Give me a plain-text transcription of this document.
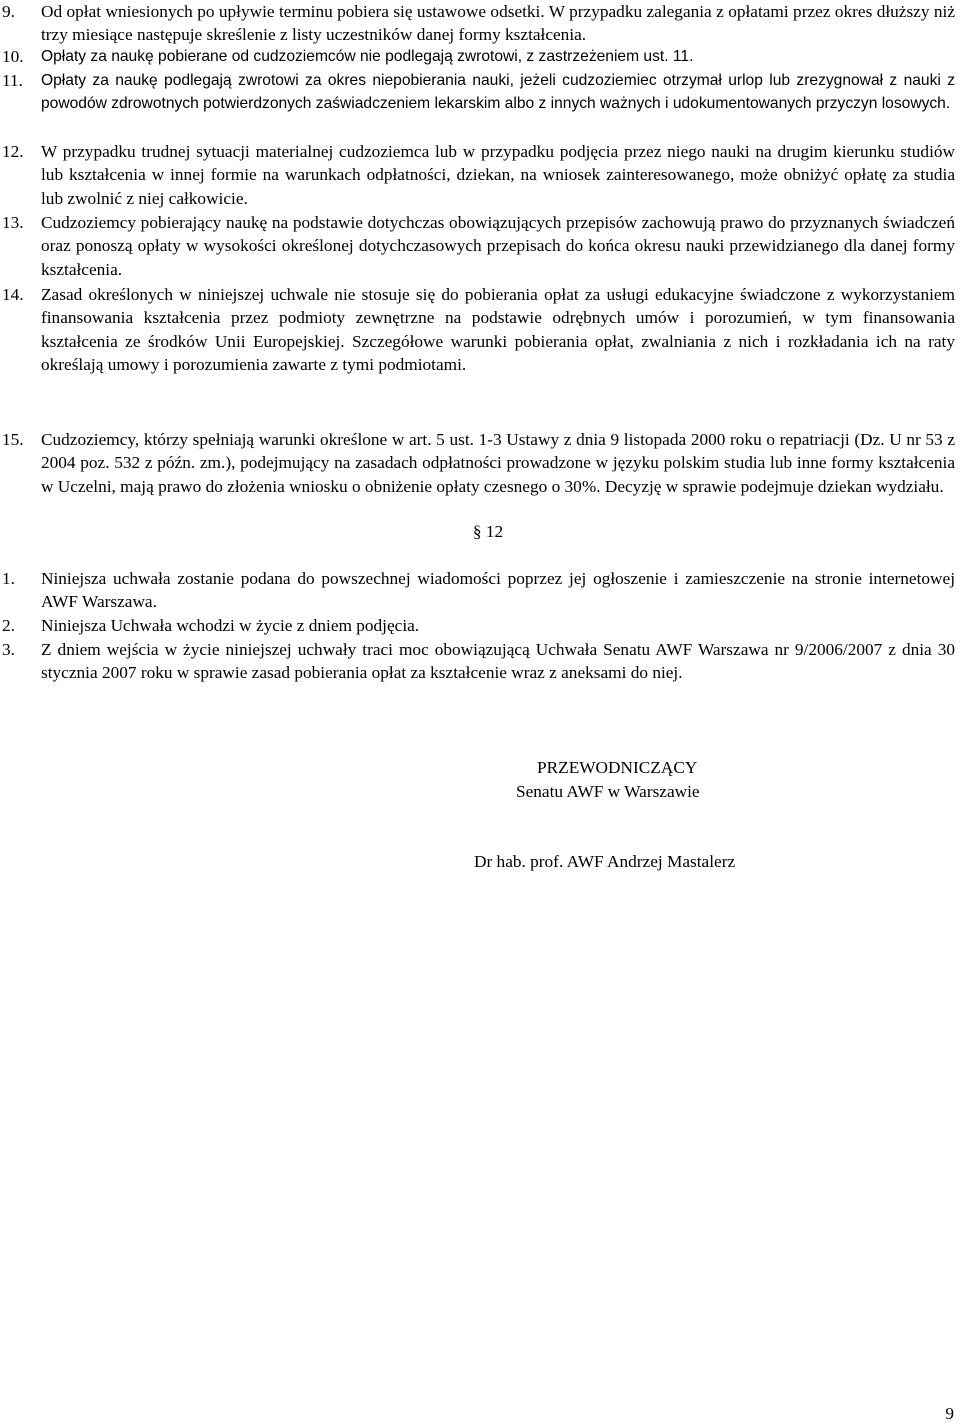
9.	Od opłat wniesionych po upływie terminu pobiera się ustawowe odsetki. W przypadku zalegania z opłatami przez okres dłuższy niż trzy miesiące następuje skreślenie z listy uczestników danej formy kształcenia.
10.	Opłaty za naukę pobierane od cudzoziemców nie podlegają zwrotowi, z zastrzeżeniem ust. 11.
11.	Opłaty za naukę podlegają zwrotowi za okres niepobierania nauki, jeżeli cudzoziemiec otrzymał urlop lub zrezygnował z nauki z powodów zdrowotnych potwierdzonych zaświadczeniem lekarskim albo z innych ważnych i udokumentowanych przyczyn losowych.
12.	W przypadku trudnej sytuacji materialnej cudzoziemca lub w przypadku podjęcia przez niego nauki na drugim kierunku studiów lub kształcenia w innej formie na warunkach odpłatności, dziekan, na wniosek zainteresowanego, może obniżyć opłatę za studia lub zwolnić z niej całkowicie.
13.	Cudzoziemcy pobierający naukę na podstawie dotychczas obowiązujących przepisów zachowują prawo do przyznanych świadczeń oraz ponoszą opłaty w wysokości określonej dotychczasowych przepisach do końca okresu nauki przewidzianego dla danej formy kształcenia.
14.	Zasad określonych w niniejszej uchwale nie stosuje się do pobierania opłat za usługi edukacyjne świadczone z wykorzystaniem finansowania kształcenia przez podmioty zewnętrzne na podstawie odrębnych umów i porozumień, w tym finansowania kształcenia ze środków Unii Europejskiej. Szczegółowe warunki pobierania opłat, zwalniania z nich i rozkładania ich na raty określają umowy i porozumienia zawarte z tymi podmiotami.
15.	Cudzoziemcy, którzy spełniają warunki określone w art. 5 ust. 1-3 Ustawy z dnia 9 listopada 2000 roku o repatriacji (Dz. U nr 53 z 2004 poz. 532 z późn. zm.), podejmujący na zasadach odpłatności prowadzone w języku polskim studia lub inne formy kształcenia w Uczelni, mają prawo do złożenia wniosku o obniżenie opłaty czesnego o 30%. Decyzję w sprawie podejmuje dziekan wydziału.
§ 12
1.	Niniejsza uchwała zostanie podana do powszechnej wiadomości poprzez jej ogłoszenie i zamieszczenie na stronie internetowej AWF Warszawa.
2.	Niniejsza Uchwała wchodzi w życie z dniem podjęcia.
3.	Z dniem wejścia w życie niniejszej uchwały traci moc obowiązującą Uchwała Senatu AWF Warszawa nr 9/2006/2007 z dnia 30 stycznia 2007 roku w sprawie zasad pobierania opłat za kształcenie wraz z aneksami do niej.
PRZEWODNICZĄCY
Senatu AWF w Warszawie
Dr hab. prof. AWF Andrzej Mastalerz
9
